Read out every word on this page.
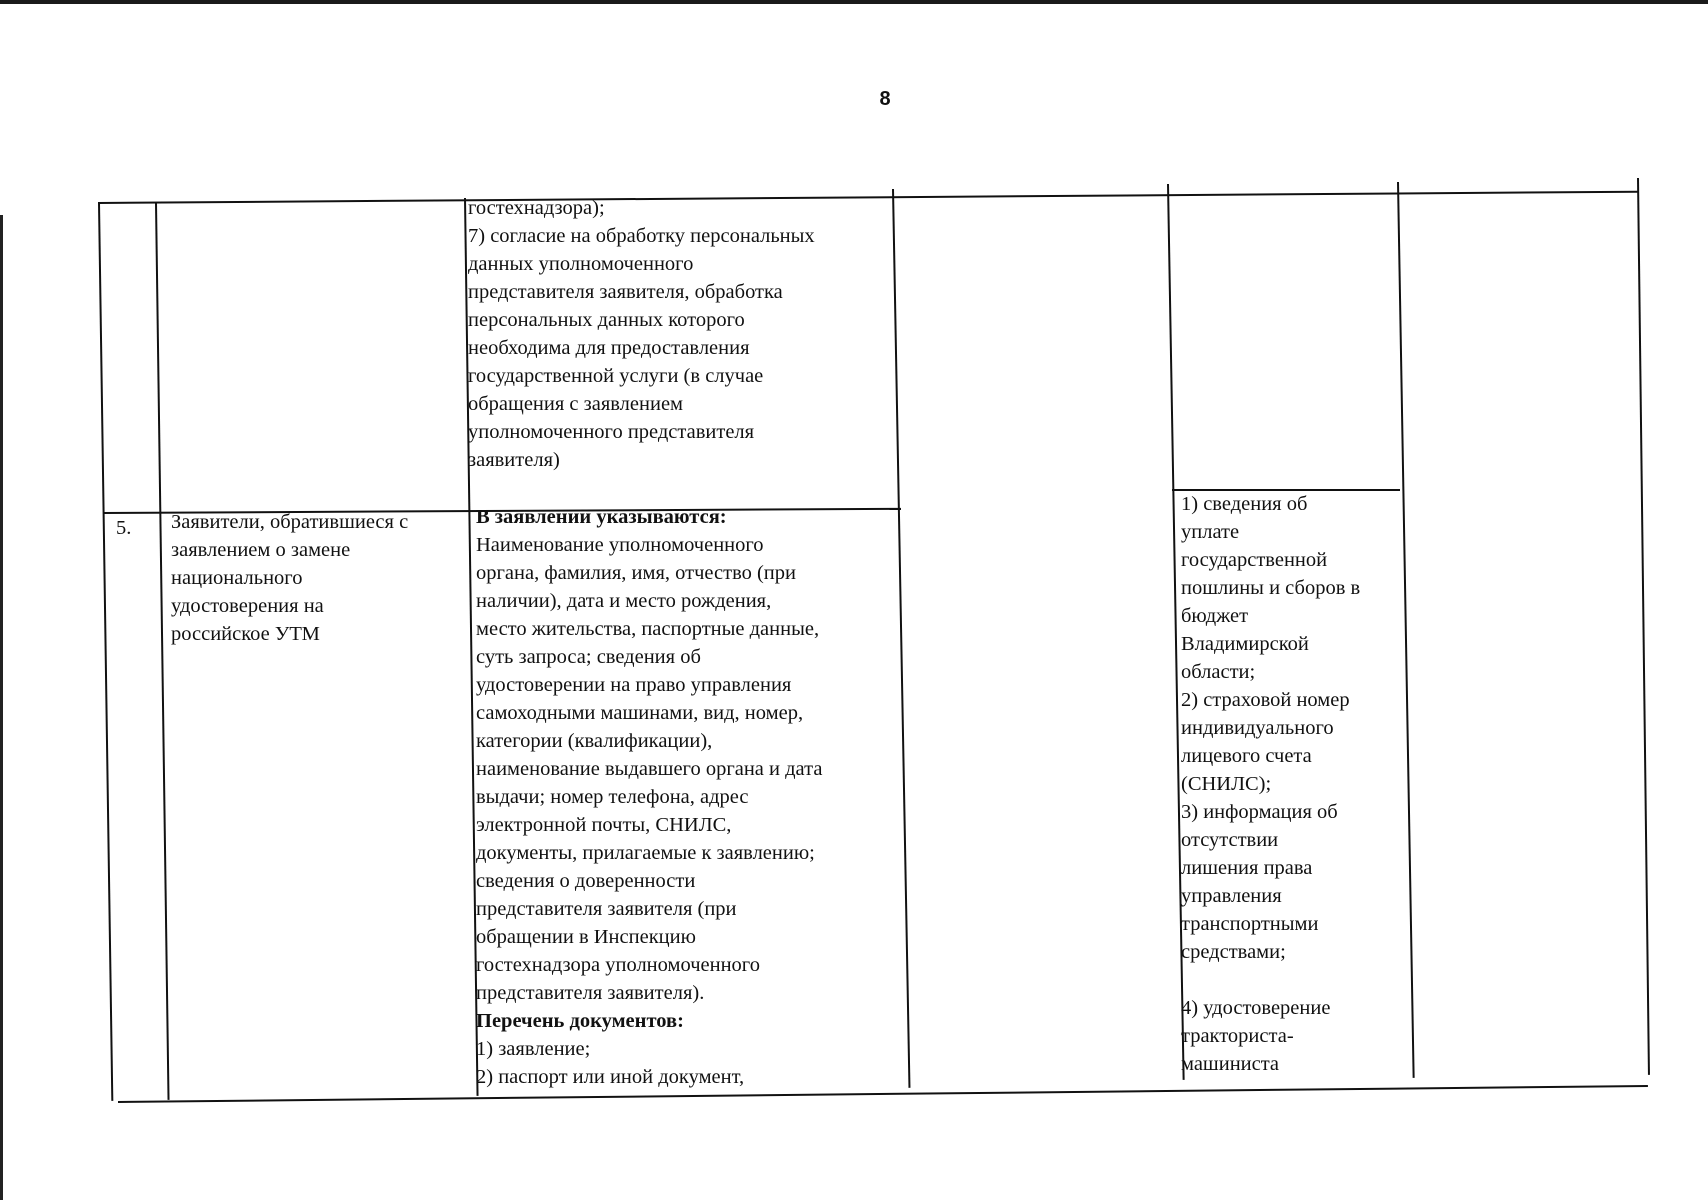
8
гостехнадзора);
7) согласие на обработку персональных
данных уполномоченного
представителя заявителя, обработка
персональных данных которого
необходима для предоставления
государственной услуги (в случае
обращения с заявлением
уполномоченного представителя
заявителя)
5.	Заявители, обратившиеся с
заявлением о замене
национального
удостоверения на
российское УТМ
В заявлении указываются:
Наименование уполномоченного
органа, фамилия, имя, отчество (при
наличии), дата и место рождения,
место жительства, паспортные данные,
суть запроса; сведения об
удостоверении на право управления
самоходными машинами, вид, номер,
категории (квалификации),
наименование выдавшего органа и дата
выдачи; номер телефона, адрес
электронной почты, СНИЛС,
документы, прилагаемые к заявлению;
сведения о доверенности
представителя заявителя (при
обращении в Инспекцию
гостехнадзора уполномоченного
представителя заявителя).
Перечень документов:
1) заявление;
2) паспорт или иной документ,
1) сведения об
уплате
государственной
пошлины и сборов в
бюджет
Владимирской
области;
2) страховой номер
индивидуального
лицевого счета
(СНИЛС);
3) информация об
отсутствии
лишения права
управления
транспортными
средствами;

4) удостоверение
тракториста-
машиниста
